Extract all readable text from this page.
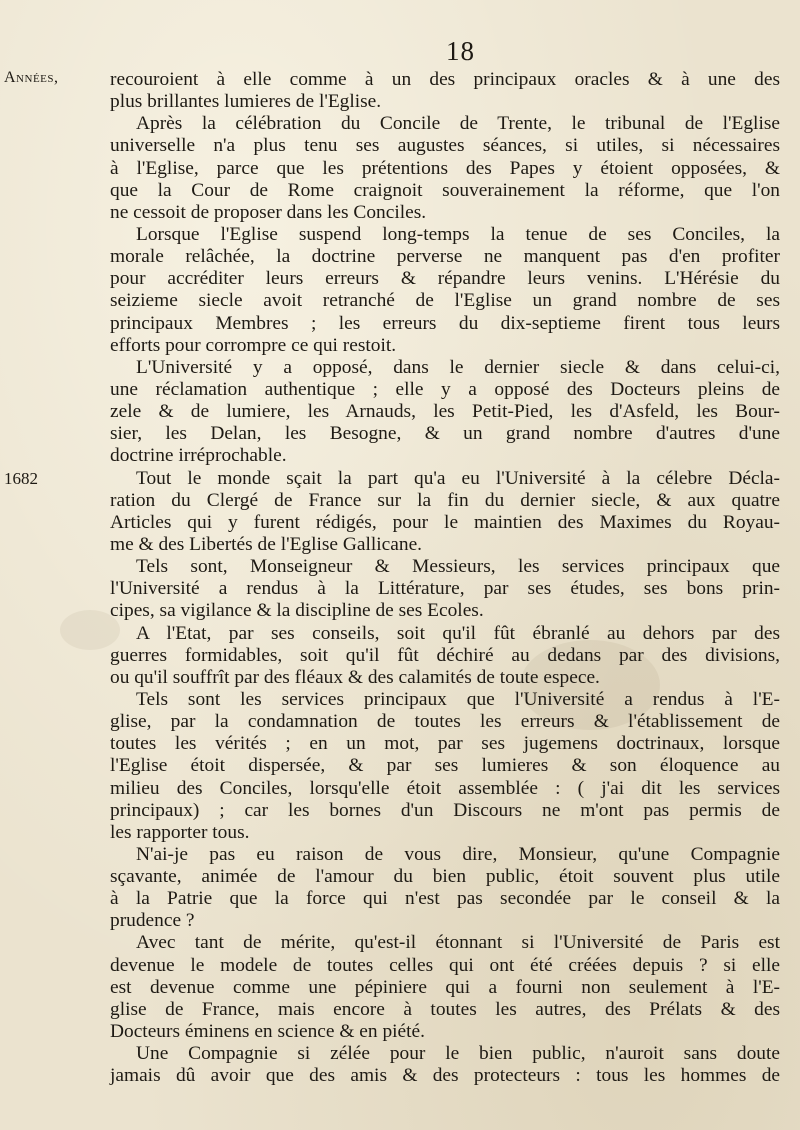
18
Années,
1682
recouroient à elle comme à un des principaux oracles & à une des
plus brillantes lumieres de l'Eglise.
Après la célébration du Concile de Trente, le tribunal de l'Eglise
universelle n'a plus tenu ses augustes séances, si utiles, si nécessaires
à l'Eglise, parce que les prétentions des Papes y étoient opposées, &
que la Cour de Rome craignoit souverainement la réforme, que l'on
ne cessoit de proposer dans les Conciles.
Lorsque l'Eglise suspend long-temps la tenue de ses Conciles, la
morale relâchée, la doctrine perverse ne manquent pas d'en profiter
pour accréditer leurs erreurs & répandre leurs venins. L'Hérésie du
seizieme siecle avoit retranché de l'Eglise un grand nombre de ses
principaux Membres ; les erreurs du dix-septieme firent tous leurs
efforts pour corrompre ce qui restoit.
L'Université y a opposé, dans le dernier siecle & dans celui-ci,
une réclamation authentique ; elle y a opposé des Docteurs pleins de
zele & de lumiere, les Arnauds, les Petit-Pied, les d'Asfeld, les Bour-
sier, les Delan, les Besogne, & un grand nombre d'autres d'une
doctrine irréprochable.
Tout le monde sçait la part qu'a eu l'Université à la célebre Décla-
ration du Clergé de France sur la fin du dernier siecle, & aux quatre
Articles qui y furent rédigés, pour le maintien des Maximes du Royau-
me & des Libertés de l'Eglise Gallicane.
Tels sont, Monseigneur & Messieurs, les services principaux que
l'Université a rendus à la Littérature, par ses études, ses bons prin-
cipes, sa vigilance & la discipline de ses Ecoles.
A l'Etat, par ses conseils, soit qu'il fût ébranlé au dehors par des
guerres formidables, soit qu'il fût déchiré au dedans par des divisions,
ou qu'il souffrît par des fléaux & des calamités de toute espece.
Tels sont les services principaux que l'Université a rendus à l'E-
glise, par la condamnation de toutes les erreurs & l'établissement de
toutes les vérités ; en un mot, par ses jugemens doctrinaux, lorsque
l'Eglise étoit dispersée, & par ses lumieres & son éloquence au
milieu des Conciles, lorsqu'elle étoit assemblée : ( j'ai dit les services
principaux) ; car les bornes d'un Discours ne m'ont pas permis de
les rapporter tous.
N'ai-je pas eu raison de vous dire, Monsieur, qu'une Compagnie
sçavante, animée de l'amour du bien public, étoit souvent plus utile
à la Patrie que la force qui n'est pas secondée par le conseil & la
prudence ?
Avec tant de mérite, qu'est-il étonnant si l'Université de Paris est
devenue le modele de toutes celles qui ont été créées depuis ? si elle
est devenue comme une pépiniere qui a fourni non seulement à l'E-
glise de France, mais encore à toutes les autres, des Prélats & des
Docteurs éminens en science & en piété.
Une Compagnie si zélée pour le bien public, n'auroit sans doute
jamais dû avoir que des amis & des protecteurs : tous les hommes de
